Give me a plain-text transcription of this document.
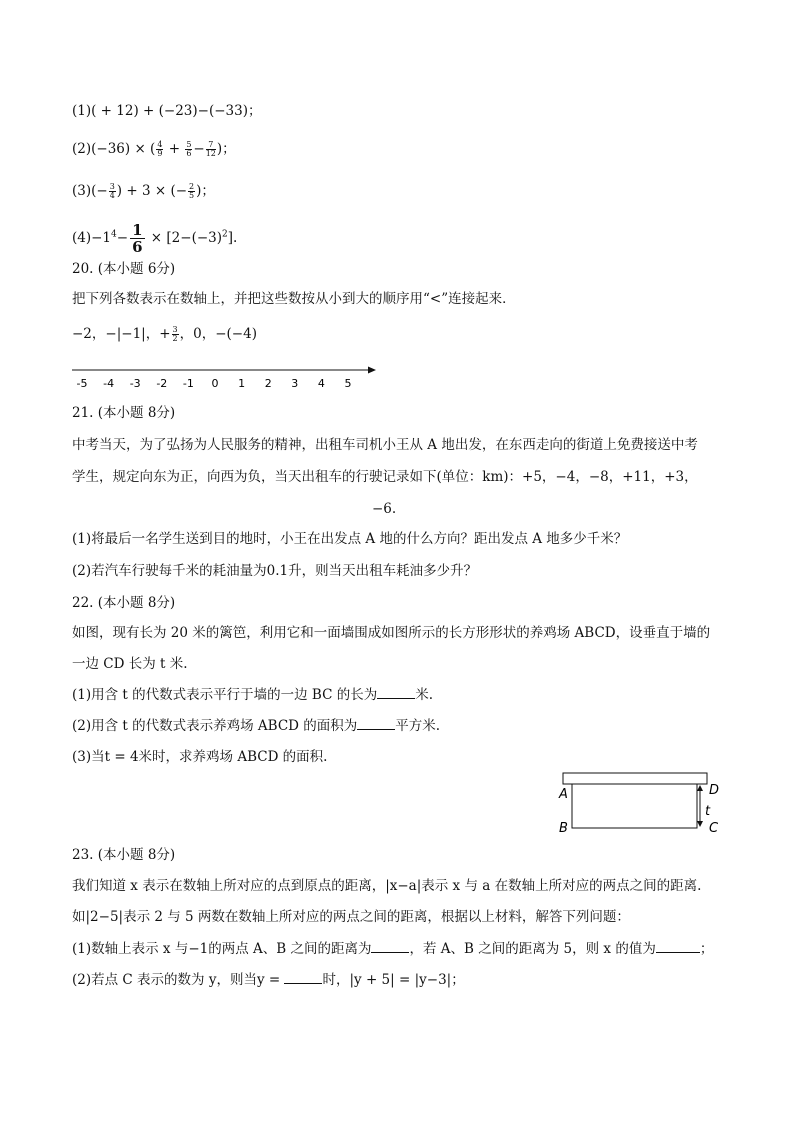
(1)( + 12) + (−23)−(−33)；
(2)(−36) × ( $\frac{4}{9} + \frac{5}{6} - \frac{7}{12}$ )；
$(3)(- \frac{3}{4}$ ) + 3 × (− $\frac{2}{5}$ )；
$(4)-1^4- \frac{1}{6} \times [2-(-3)^2]$.
20. (本小题 6分)
把下列各数表示在数轴上，并把这些数按从小到大的顺序用“<”连接起来．
−2，−|−1|，+ $\frac{3}{2}$ ，0，−(−4)
-5 -4 -3 -2 -1 0 1 2 3 4 5
21. (本小题 8分)
中考当天，为了弘扬为人民服务的精神，出租车司机小王从 A 地出发，在东西走向的街道上免费接送中考
学生，规定向东为正，向西为负，当天出租车的行驶记录如下(单位：km)：+5，−4，−8，+11，+3，
−6.
(1)将最后一名学生送到目的地时，小王在出发点 A 地的什么方向？距出发点 A 地多少千米？
(2)若汽车行驶每千米的耗油量为0.1升，则当天出租车耗油多少升？
22. (本小题 8分)
如图，现有长为 20 米的篱笆，利用它和一面墙围成如图所示的长方形形状的养鸡场 ABCD，设垂直于墙的
一边 CD 长为 t 米.
(1)用含 t 的代数式表示平行于墙的一边 BC 的长为	米.
(2)用含 t 的代数式表示养鸡场 ABCD 的面积为	平方米.
(3)当t = 4米时，求养鸡场 ABCD 的面积.
A
B
D
C
t
23. (本小题 8分)
我们知道 x 表示在数轴上所对应的点到原点的距离，|x−a|表示 x 与 a 在数轴上所对应的两点之间的距离.
如|2−5|表示 2 与 5 两数在数轴上所对应的两点之间的距离，根据以上材料，解答下列问题：
(1)数轴上表示 x 与−1的两点 A、B 之间的距离为	，若 A、B 之间的距离为 5，则 x 的值为	；
(2)若点 C 表示的数为 y，则当y =	时，|y + 5| = |y−3|；
